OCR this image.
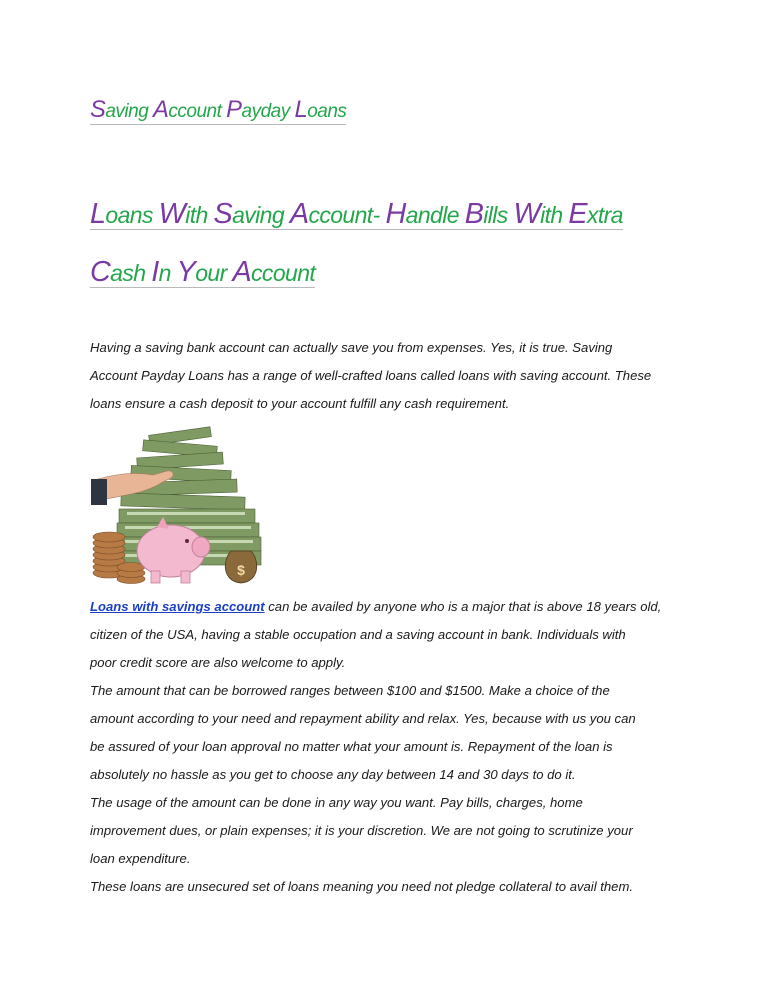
Saving Account Payday Loans
Loans With Saving Account- Handle Bills With Extra
Cash In Your Account
Having a saving bank account can actually save you from expenses. Yes, it is true. Saving
Account Payday Loans has a range of well-crafted loans called loans with saving account. These
loans ensure a cash deposit to your account fulfill any cash requirement.
$
Loans with savings account can be availed by anyone who is a major that is above 18 years old,
citizen of the USA, having a stable occupation and a saving account in bank. Individuals with
poor credit score are also welcome to apply.
The amount that can be borrowed ranges between $100 and $1500. Make a choice of the
amount according to your need and repayment ability and relax. Yes, because with us you can
be assured of your loan approval no matter what your amount is. Repayment of the loan is
absolutely no hassle as you get to choose any day between 14 and 30 days to do it.
The usage of the amount can be done in any way you want. Pay bills, charges, home
improvement dues, or plain expenses; it is your discretion. We are not going to scrutinize your
loan expenditure.
These loans are unsecured set of loans meaning you need not pledge collateral to avail them.
